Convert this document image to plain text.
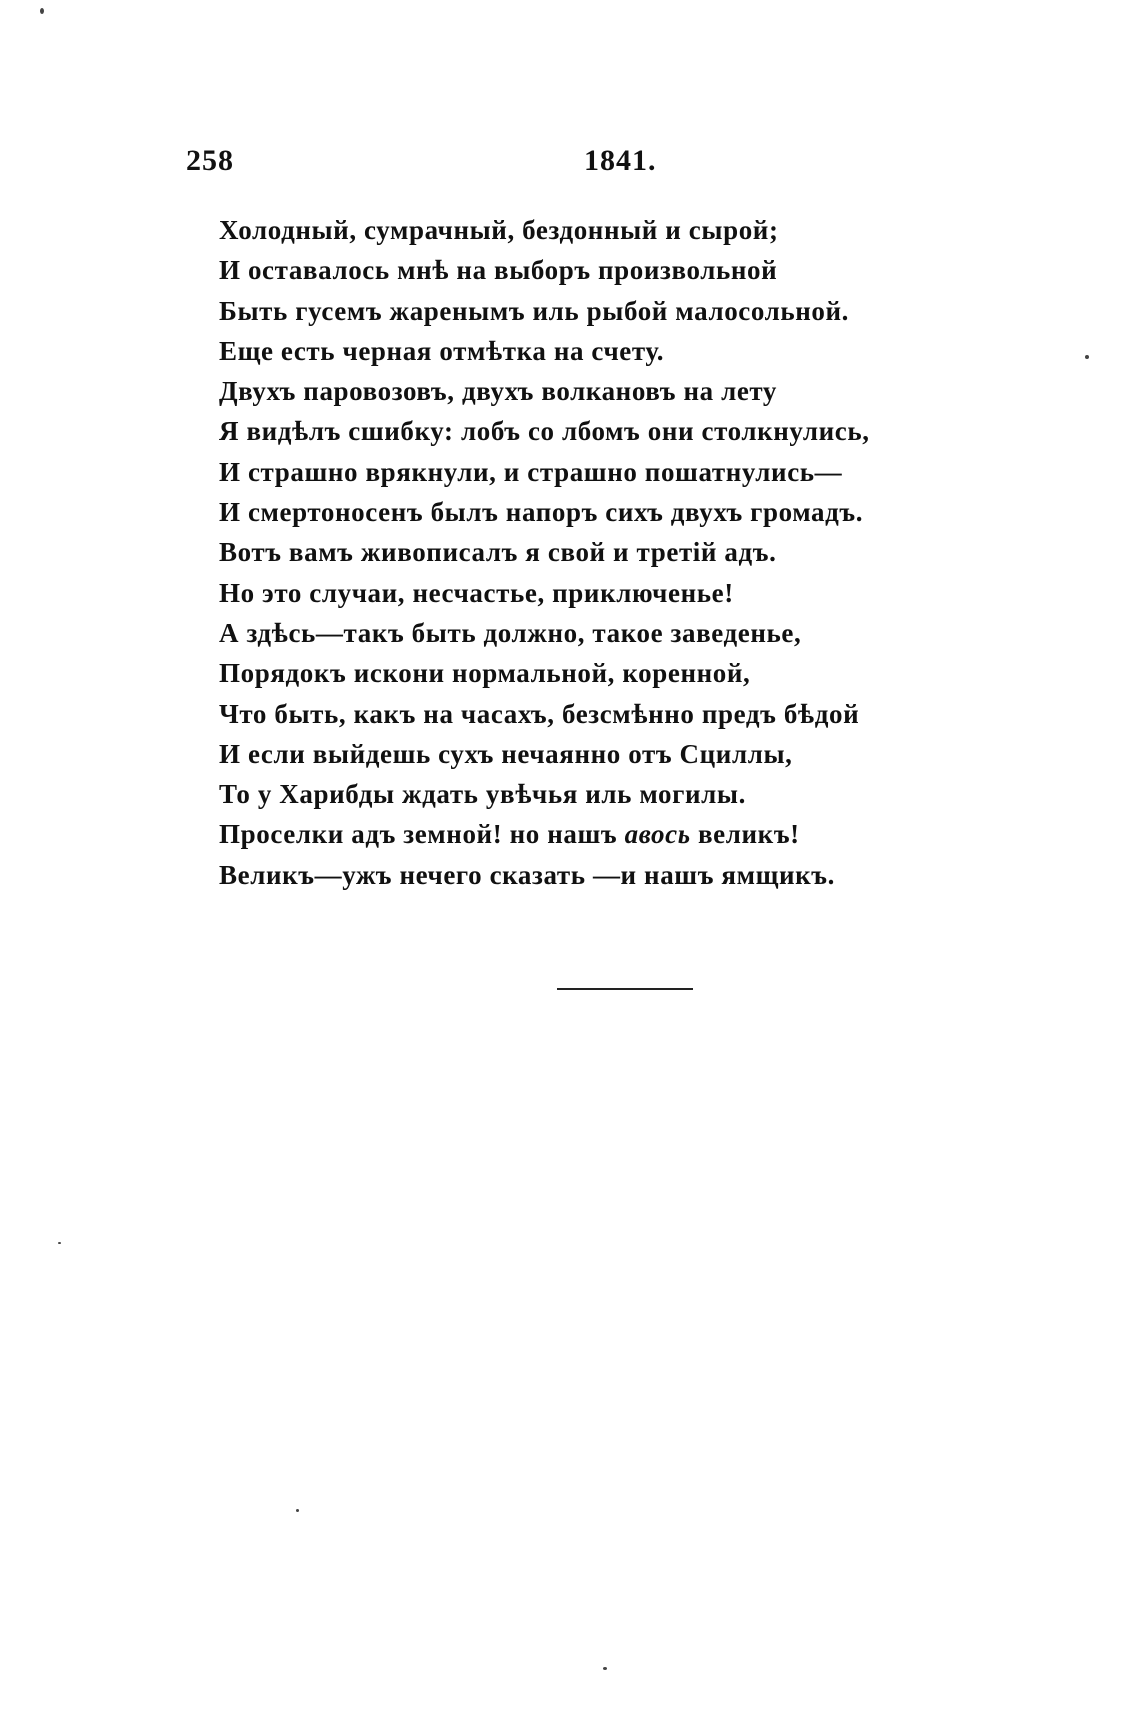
258	1841.
Холодный, сумрачный, бездонный и сырой;
И оставалось мнѣ на выборъ произвольной
Быть гусемъ жаренымъ иль рыбой малосольной.
Еще есть черная отмѣтка на счету.
Двухъ паровозовъ, двухъ волкановъ на лету
Я видѣлъ сшибку: лобъ со лбомъ они столкнулись,
И страшно врякнули, и страшно пошатнулись—
И смертоносенъ былъ напоръ сихъ двухъ громадъ.
Вотъ вамъ живописалъ я свой и третій адъ.
Но это случаи, несчастье, приключенье!
А здѣсь—такъ быть должно, такое заведенье,
Порядокъ искони нормальной, коренной,
Что быть, какъ на часахъ, безсмѣнно предъ бѣдой
И если выйдешь сухъ нечаянно отъ Сциллы,
То у Харибды ждать увѣчья иль могилы.
Проселки адъ земной! но нашъ авось великъ!
Великъ—ужъ нечего сказать —и нашъ ямщикъ.
